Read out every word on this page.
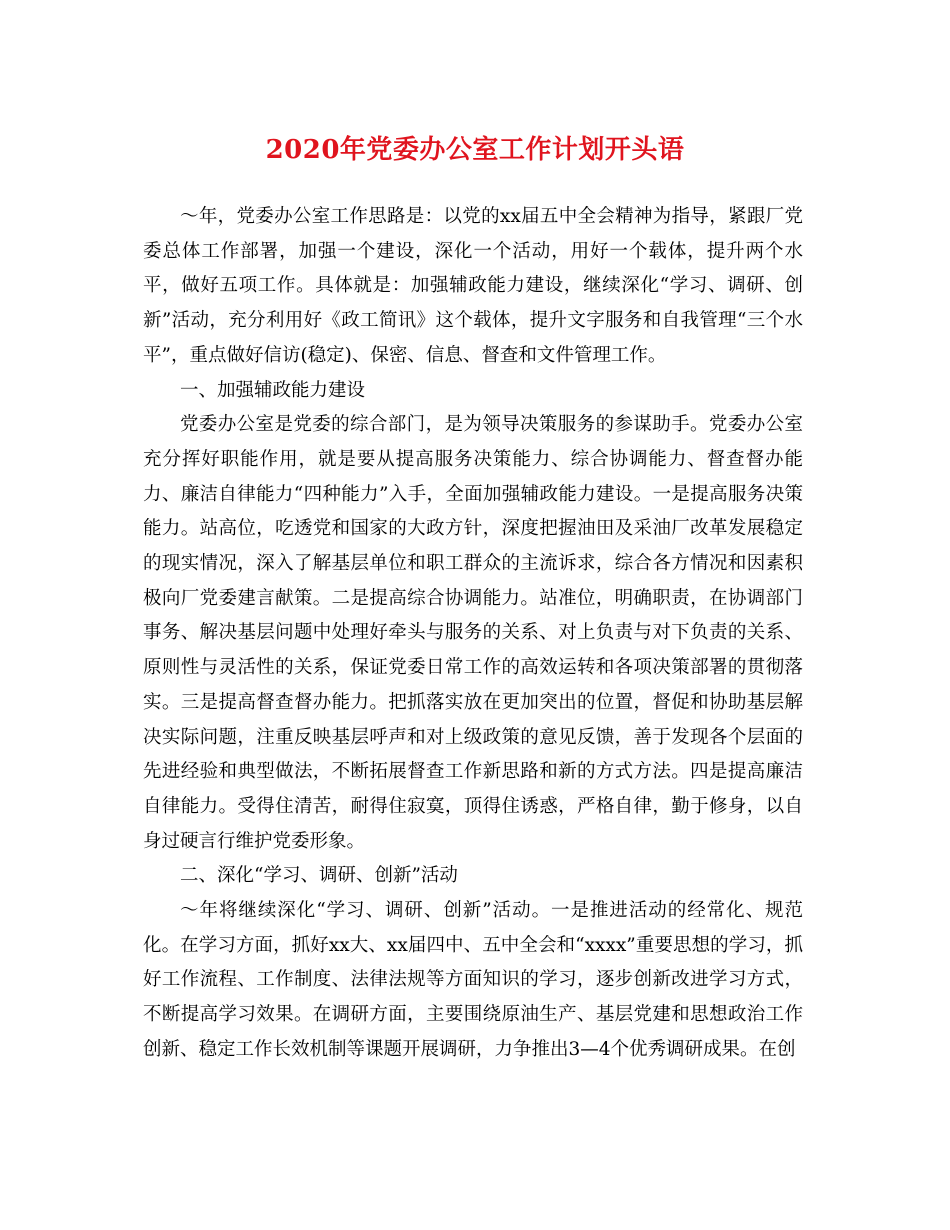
2020年党委办公室工作计划开头语

～年，党委办公室工作思路是：以党的xx届五中全会精神为指导，紧跟厂党委总体工作部署，加强一个建设，深化一个活动，用好一个载体，提升两个水平，做好五项工作。具体就是：加强辅政能力建设，继续深化“学习、调研、创新”活动，充分利用好《政工简讯》这个载体，提升文字服务和自我管理“三个水平”，重点做好信访(稳定)、保密、信息、督查和文件管理工作。

一、加强辅政能力建设

党委办公室是党委的综合部门，是为领导决策服务的参谋助手。党委办公室充分挥好职能作用，就是要从提高服务决策能力、综合协调能力、督查督办能力、廉洁自律能力“四种能力”入手，全面加强辅政能力建设。一是提高服务决策能力。站高位，吃透党和国家的大政方针，深度把握油田及采油厂改革发展稳定的现实情况，深入了解基层单位和职工群众的主流诉求，综合各方情况和因素积极向厂党委建言献策。二是提高综合协调能力。站准位，明确职责，在协调部门事务、解决基层问题中处理好牵头与服务的关系、对上负责与对下负责的关系、原则性与灵活性的关系，保证党委日常工作的高效运转和各项决策部署的贯彻落实。三是提高督查督办能力。把抓落实放在更加突出的位置，督促和协助基层解决实际问题，注重反映基层呼声和对上级政策的意见反馈，善于发现各个层面的先进经验和典型做法，不断拓展督查工作新思路和新的方式方法。四是提高廉洁自律能力。受得住清苦，耐得住寂寞，顶得住诱惑，严格自律，勤于修身，以自身过硬言行维护党委形象。

二、深化“学习、调研、创新”活动

～年将继续深化“学习、调研、创新”活动。一是推进活动的经常化、规范化。在学习方面，抓好xx大、xx届四中、五中全会和“xxxx”重要思想的学习，抓好工作流程、工作制度、法律法规等方面知识的学习，逐步创新改进学习方式，不断提高学习效果。在调研方面，主要围绕原油生产、基层党建和思想政治工作创新、稳定工作长效机制等课题开展调研，力争推出3—4个优秀调研成果。在创
